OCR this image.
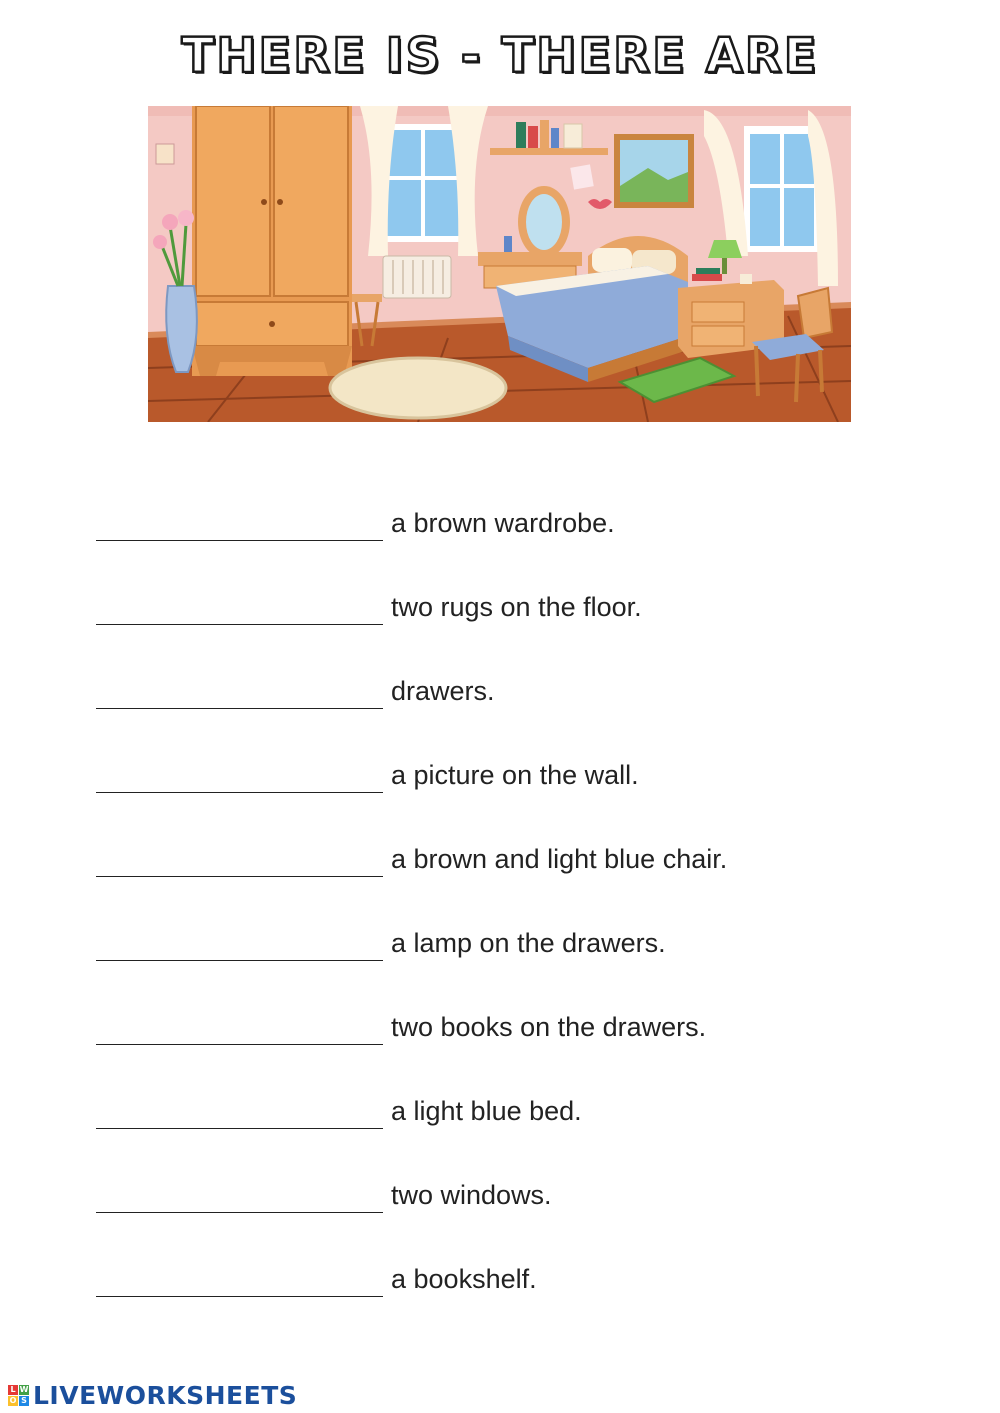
THERE IS - THERE ARE
a brown wardrobe.
two rugs on the floor.
drawers.
a picture on the wall.
a brown and light blue chair.
a lamp on the drawers.
two books on the drawers.
a light blue bed.
two windows.
a bookshelf.
L W
O S LIVEWORKSHEETS
